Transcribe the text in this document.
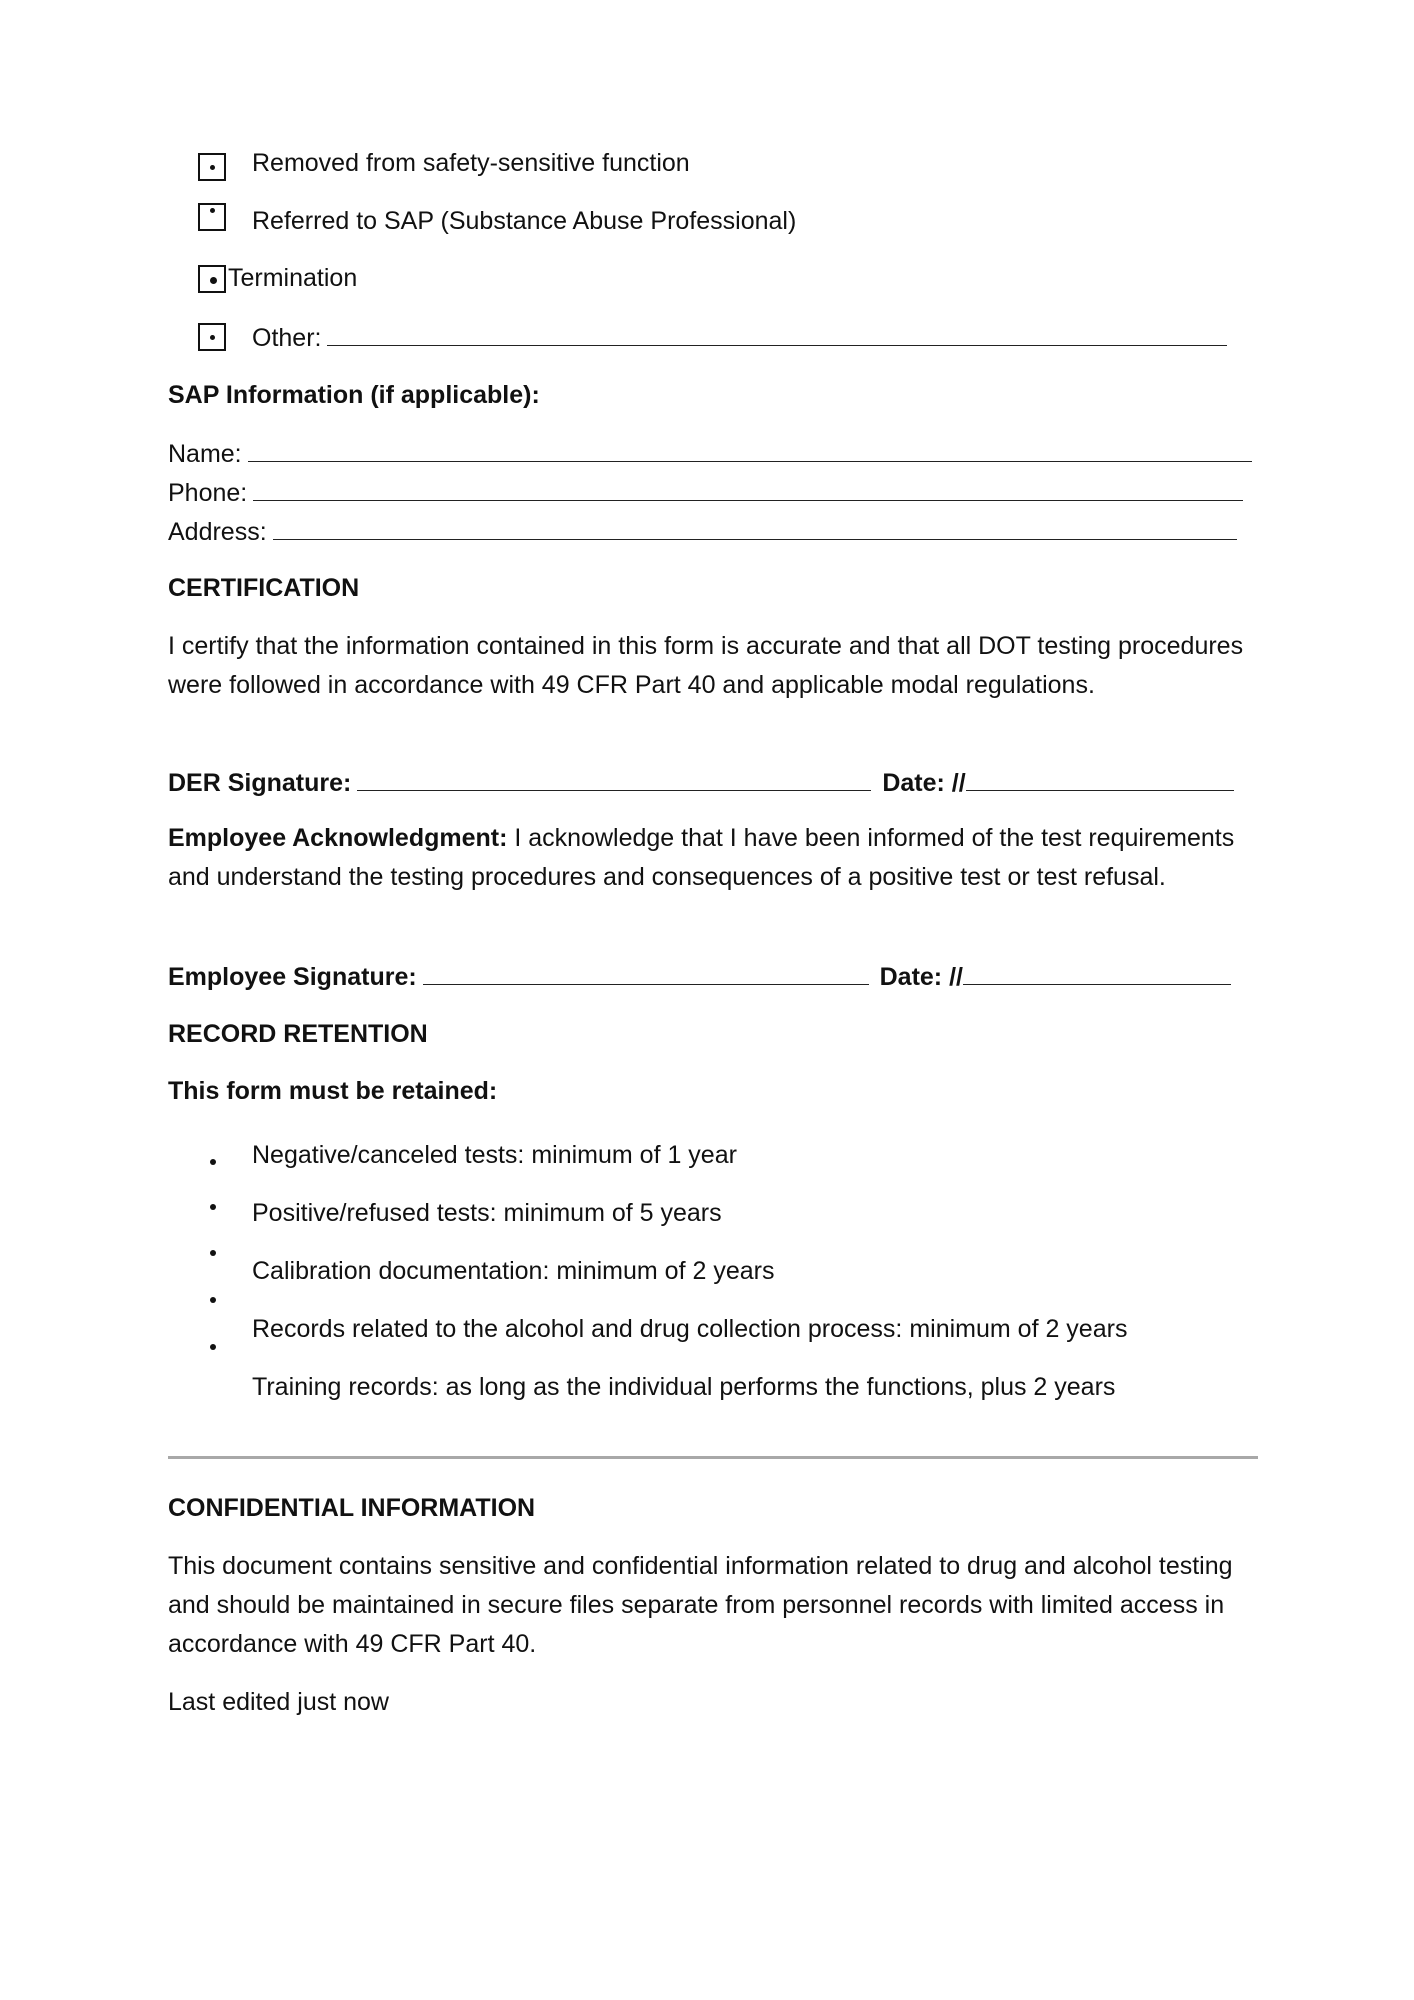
Removed from safety-sensitive function
Referred to SAP (Substance Abuse Professional)
Termination
Other:
SAP Information (if applicable):
Name:
Phone:
Address:
CERTIFICATION
I certify that the information contained in this form is accurate and that all DOT testing procedures were followed in accordance with 49 CFR Part 40 and applicable modal regulations.
DER Signature:	Date: //
Employee Acknowledgment: I acknowledge that I have been informed of the test requirements and understand the testing procedures and consequences of a positive test or test refusal.
Employee Signature:	Date: //
RECORD RETENTION
This form must be retained:
Negative/canceled tests: minimum of 1 year
Positive/refused tests: minimum of 5 years
Calibration documentation: minimum of 2 years
Records related to the alcohol and drug collection process: minimum of 2 years
Training records: as long as the individual performs the functions, plus 2 years
CONFIDENTIAL INFORMATION
This document contains sensitive and confidential information related to drug and alcohol testing and should be maintained in secure files separate from personnel records with limited access in accordance with 49 CFR Part 40.
Last edited just now
